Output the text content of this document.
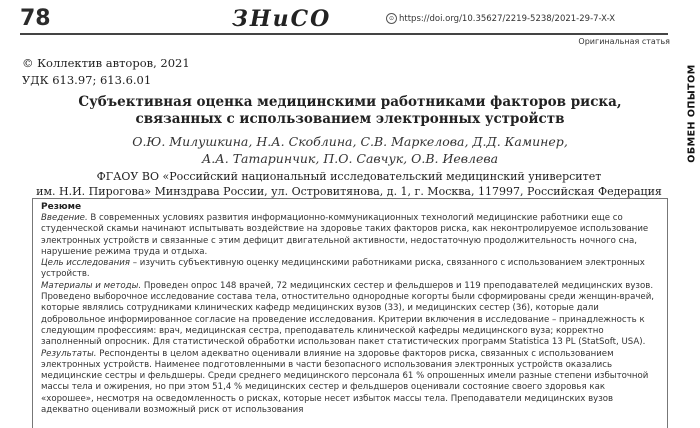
78	ЗНиСО	⊙ https://doi.org/10.35627/2219-5238/2021-29-7-X-X
Оригинальная статья
ОБМЕН ОПЫТОМ
© Коллектив авторов, 2021
УДК 613.97; 613.6.01
Субъективная оценка медицинскими работниками факторов риска,
связанных с использованием электронных устройств
О.Ю. Милушкина, Н.А. Скоблина, С.В. Маркелова, Д.Д. Каминер,
А.А. Татаринчик, П.О. Савчук, О.В. Иевлева
ФГАОУ ВО «Российский национальный исследовательский медицинский университет
им. Н.И. Пирогова» Минздрава России, ул. Островитянова, д. 1, г. Москва, 117997, Российская Федерация
Резюме

Введение. В современных условиях развития информационно-коммуникационных технологий медицинские работники еще со студенческой скамьи начинают испытывать воздействие на здоровье таких факторов риска, как неконтролируемое использование электронных устройств и связанные с этим дефицит двигательной активности, недостаточную продолжительность ночного сна, нарушение режима труда и отдыха.

Цель исследования – изучить субъективную оценку медицинскими работниками риска, связанного с использованием электронных устройств.

Материалы и методы. Проведен опрос 148 врачей, 72 медицинских сестер и фельдшеров и 119 преподавателей медицинских вузов. Проведено выборочное исследование состава тела, отностительно однородные когорты были сформированы среди женщин-врачей, которые являлись сотрудниками клинических кафедр медицинских вузов (33), и медицинских сестер (36), которые дали добровольное информированное согласие на проведение исследования. Критерии включения в исследование – принадлежность к следующим профессиям: врач, медицинская сестра, преподаватель клинической кафедры медицинского вуза; корректно заполненный опросник. Для статистической обработки использован пакет статистических программ Statistica 13 PL (StatSoft, USA).

Результаты. Респонденты в целом адекватно оценивали влияние на здоровье факторов риска, связанных с использованием электронных устройств. Наименее подготовленными в части безопасного использования электронных устройств оказались медицинские сестры и фельдшеры. Среди среднего медицинского персонала 61 % опрошенных имели разные степени избыточной массы тела и ожирения, но при этом 51,4 % медицинских сестер и фельдшеров оценивали состояние своего здоровья как «хорошее», несмотря на осведомленность о рисках, которые несет избыток массы тела. Преподаватели медицинских вузов адекватно оценивали возможный риск от использования
